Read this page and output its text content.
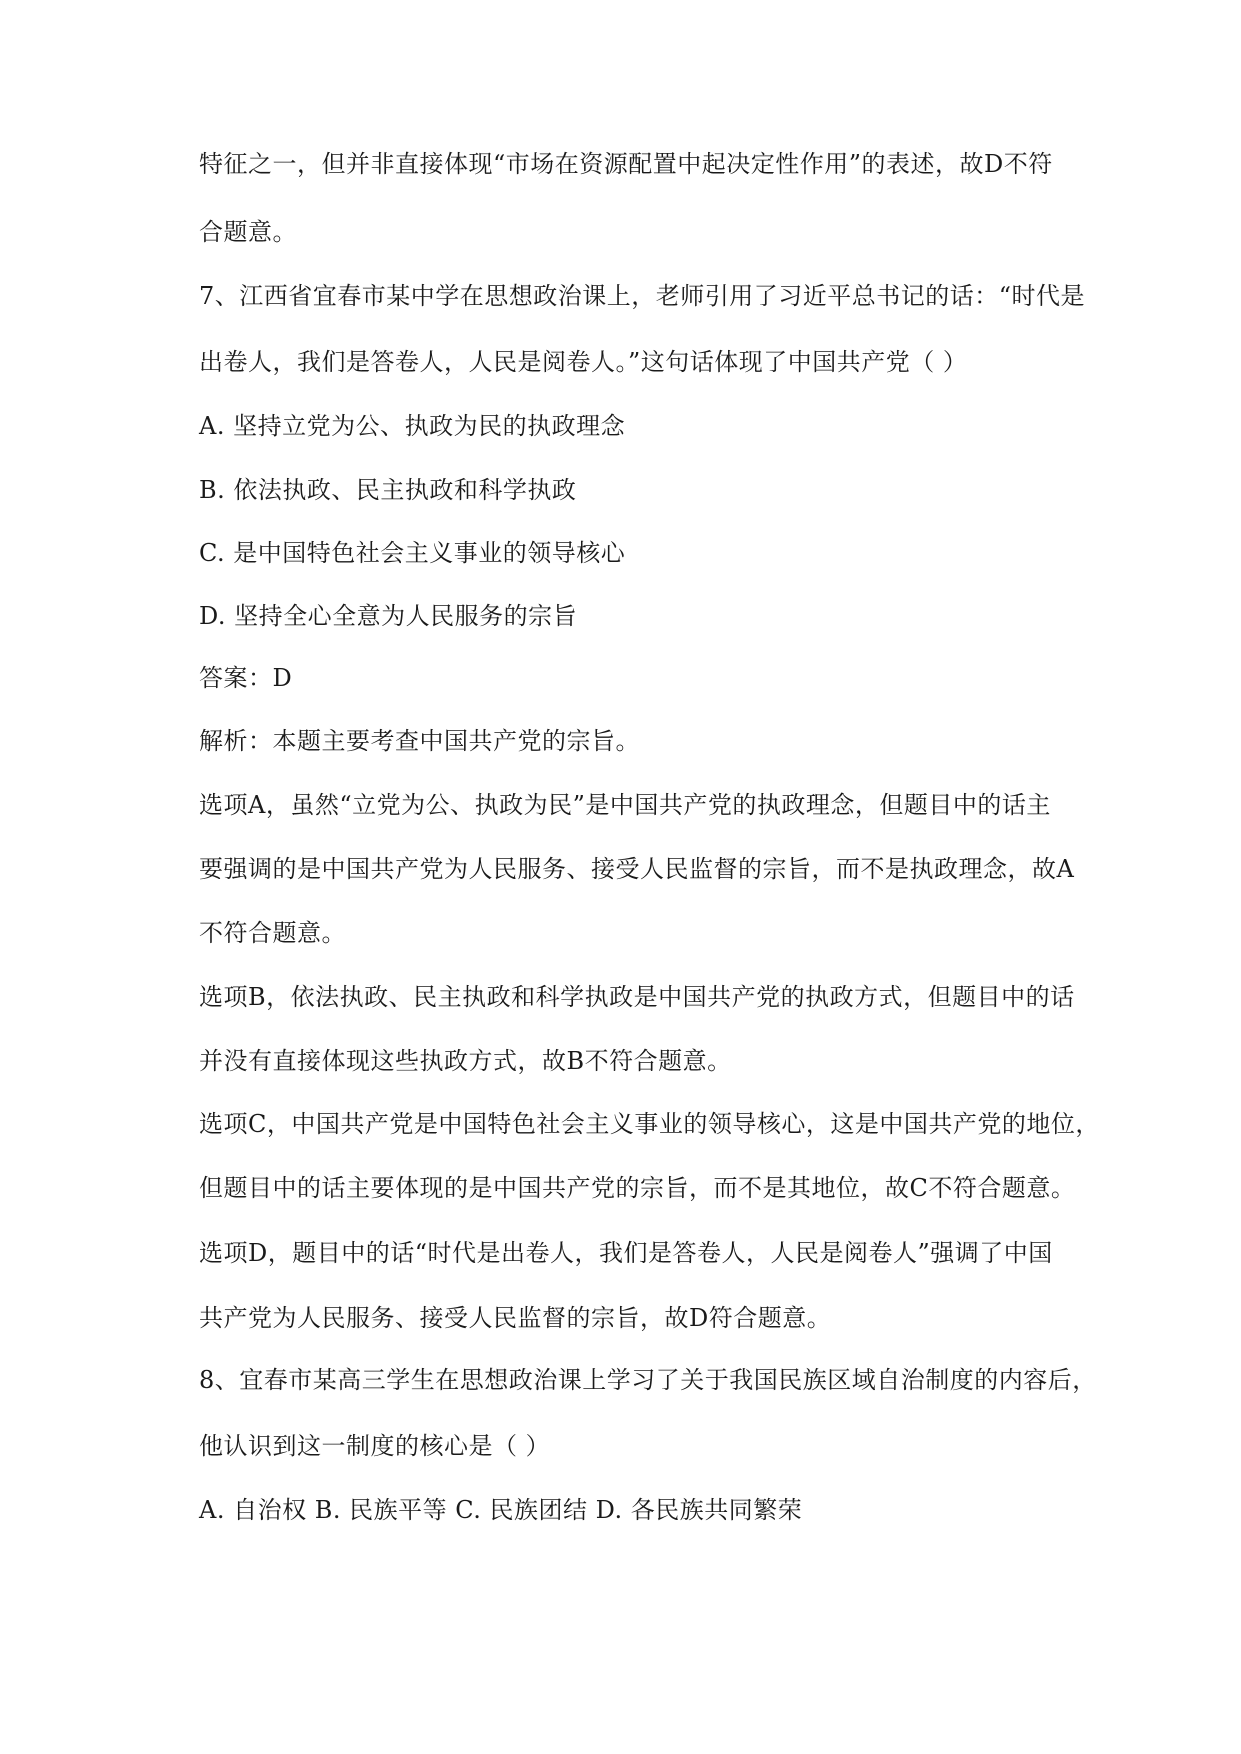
特征之一，但并非直接体现“市场在资源配置中起决定性作用”的表述，故D不符
合题意。
7、江西省宜春市某中学在思想政治课上，老师引用了习近平总书记的话：“时代是
出卷人，我们是答卷人，人民是阅卷人。”这句话体现了中国共产党（ ）
A. 坚持立党为公、执政为民的执政理念
B. 依法执政、民主执政和科学执政
C. 是中国特色社会主义事业的领导核心
D. 坚持全心全意为人民服务的宗旨
答案：D
解析：本题主要考查中国共产党的宗旨。
选项A，虽然“立党为公、执政为民”是中国共产党的执政理念，但题目中的话主
要强调的是中国共产党为人民服务、接受人民监督的宗旨，而不是执政理念，故A
不符合题意。
选项B，依法执政、民主执政和科学执政是中国共产党的执政方式，但题目中的话
并没有直接体现这些执政方式，故B不符合题意。
选项C，中国共产党是中国特色社会主义事业的领导核心，这是中国共产党的地位，
但题目中的话主要体现的是中国共产党的宗旨，而不是其地位，故C不符合题意。
选项D，题目中的话“时代是出卷人，我们是答卷人，人民是阅卷人”强调了中国
共产党为人民服务、接受人民监督的宗旨，故D符合题意。
8、宜春市某高三学生在思想政治课上学习了关于我国民族区域自治制度的内容后，
他认识到这一制度的核心是（ ）
A. 自治权 B. 民族平等 C. 民族团结 D. 各民族共同繁荣
